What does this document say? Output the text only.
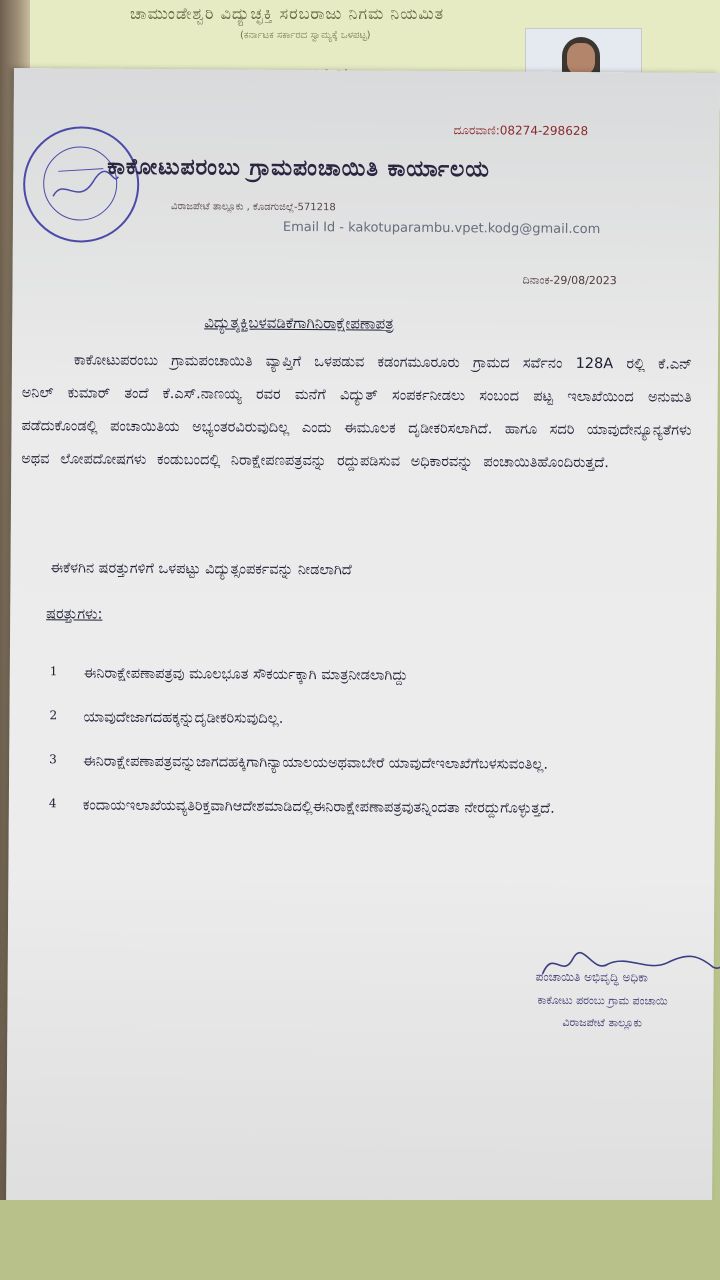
ಚಾಮುಂಡೇಶ್ವರಿ ವಿದ್ಯುಚ್ಛಕ್ತಿ ಸರಬರಾಜು ನಿಗಮ ನಿಯಮಿತ
(ಕರ್ನಾಟಕ ಸರ್ಕಾರದ ಸ್ವಾಮ್ಯಕ್ಕೆ ಒಳಪಟ್ಟ)
ದೂರವಾಣಿ:08274-298628
ಕಾಕೋಟುಪರಂಬು ಗ್ರಾಮಪಂಚಾಯಿತಿ ಕಾರ್ಯಾಲಯ
ವಿರಾಜಪೇಟೆ ತಾಲ್ಲೂಕು , ಕೊಡಗುಜಿಲ್ಲೆ-571218
Email Id - kakotuparambu.vpet.kodg@gmail.com
ದಿನಾಂಕ-29/08/2023
ವಿದ್ಯುತ್ಶಕ್ತಿಬಳವಡಿಕೆಗಾಗಿನಿರಾಕ್ಷೇಪಣಾಪತ್ರ
ಕಾಕೋಟುಪರಂಬು ಗ್ರಾಮಪಂಚಾಯಿತಿ ವ್ಯಾಪ್ತಿಗೆ ಒಳಪಡುವ ಕಡಂಗಮೂರೂರು ಗ್ರಾಮದ ಸರ್ವೆನಂ 128A ರಲ್ಲಿ ಕೆ.ಎನ್ ಅನಿಲ್ ಕುಮಾರ್ ತಂದೆ ಕೆ.ಎಸ್.ನಾಣಯ್ಯ ರವರ ಮನೆಗೆ ವಿದ್ಯುತ್ ಸಂಪರ್ಕನೀಡಲು ಸಂಬಂದ ಪಟ್ಟ ಇಲಾಖೆಯಿಂದ ಅನುಮತಿ ಪಡೆದುಕೊಂಡಲ್ಲಿ ಪಂಚಾಯಿತಿಯ ಅಭ್ಯಂತರವಿರುವುದಿಲ್ಲ ಎಂದು ಈಮೂಲಕ ದೃಡೀಕರಿಸಲಾಗಿದೆ. ಹಾಗೂ ಸದರಿ ಯಾವುದೇನ್ಯೂನ್ಯತೆಗಳು ಅಥವ ಲೋಪದೋಷಗಳು ಕಂಡುಬಂದಲ್ಲಿ ನಿರಾಕ್ಷೇಪಣಪತ್ರವನ್ನು ರದ್ದುಪಡಿಸುವ ಅಧಿಕಾರವನ್ನು ಪಂಚಾಯಿತಿಹೊಂದಿರುತ್ತದೆ.
ಈಕೆಳಗಿನ ಷರತ್ತುಗಳಿಗೆ ಒಳಪಟ್ಟು ವಿದ್ಯುತ್ಸಂಪರ್ಕವನ್ನು ನೀಡಲಾಗಿದೆ
ಷರತ್ತುಗಳು:
1 ಈನಿರಾಕ್ಷೇಪಣಾಪತ್ರವು ಮೂಲಭೂತ ಸೌಕರ್ಯಕ್ಕಾಗಿ ಮಾತ್ರನೀಡಲಾಗಿದ್ದು
2 ಯಾವುದೇಜಾಗದಹಕ್ಕನ್ನುದೃಡೀಕರಿಸುವುದಿಲ್ಲ.
3 ಈನಿರಾಕ್ಷೇಪಣಾಪತ್ರವನ್ನುಜಾಗದಹಕ್ಕಿಗಾಗಿನ್ಯಾಯಾಲಯಅಥವಾಬೇರೆ ಯಾವುದೇಇಲಾಖೆಗೆಬಳಸುವಂತಿಲ್ಲ.
4 ಕಂದಾಯಇಲಾಖೆಯವ್ಯತಿರಿಕ್ತವಾಗಿಆದೇಶಮಾಡಿದಲ್ಲಿಈನಿರಾಕ್ಷೇಪಣಾಪತ್ರವುತನ್ನಿಂದತಾ ನೇರದ್ದುಗೊಳ್ಳುತ್ತದೆ.
ಪಂಚಾಯಿತಿ ಅಭಿವೃದ್ಧಿ ಅಧಿಕಾ
ಕಾಕೋಟು ಪರಂಬು ಗ್ರಾಮ ಪಂಚಾಯಿ
ವಿರಾಜಪೇಟೆ ತಾಲ್ಲೂಕು
